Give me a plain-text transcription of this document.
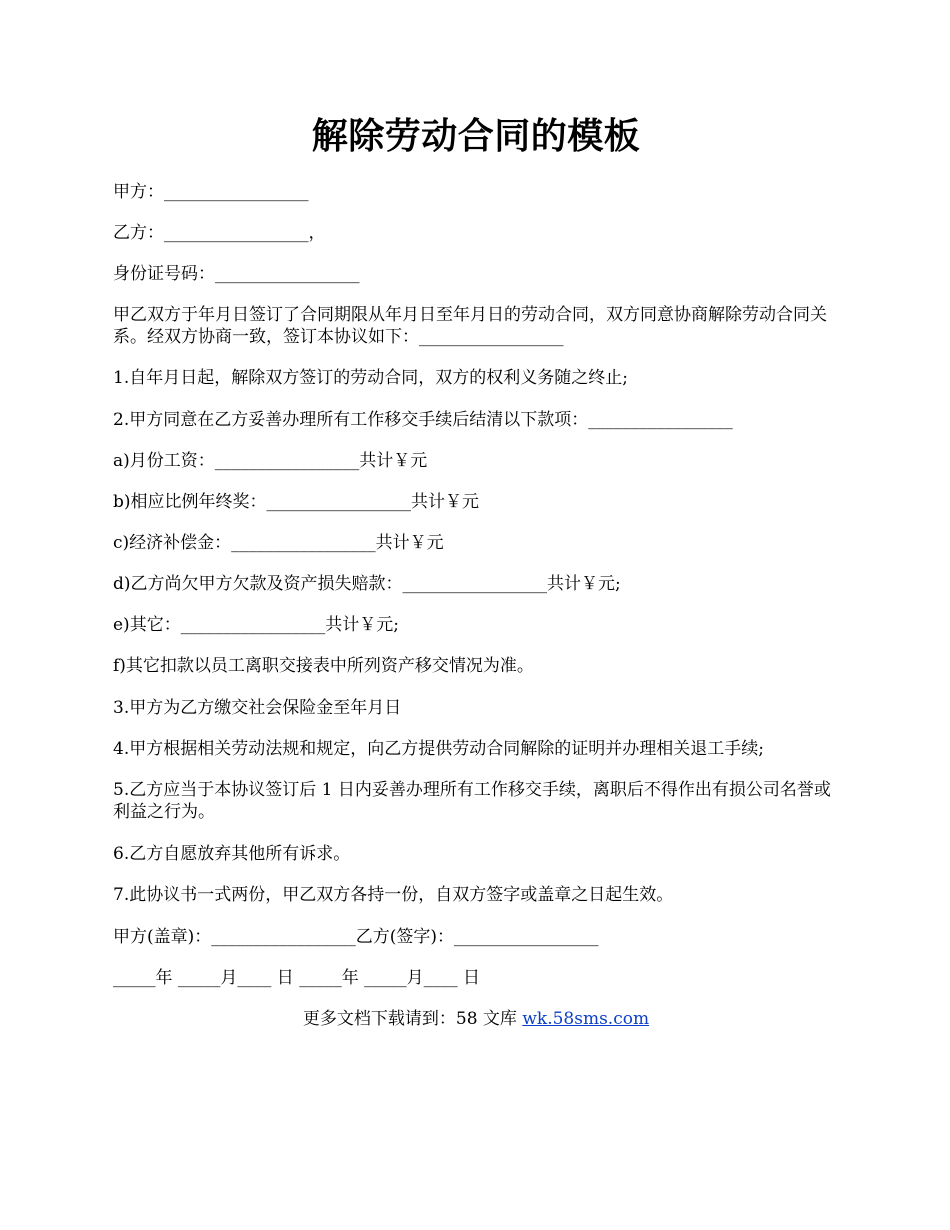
解除劳动合同的模板
甲方：_________________
乙方：_________________，
身份证号码：_________________
甲乙双方于年月日签订了合同期限从年月日至年月日的劳动合同，双方同意协商解除劳动合同关系。经双方协商一致，签订本协议如下：_________________
1.自年月日起，解除双方签订的劳动合同，双方的权利义务随之终止;
2.甲方同意在乙方妥善办理所有工作移交手续后结清以下款项：_________________
a)月份工资：_________________共计￥元
b)相应比例年终奖：_________________共计￥元
c)经济补偿金：_________________共计￥元
d)乙方尚欠甲方欠款及资产损失赔款：_________________共计￥元;
e)其它：_________________共计￥元;
f)其它扣款以员工离职交接表中所列资产移交情况为准。
3.甲方为乙方缴交社会保险金至年月日
4.甲方根据相关劳动法规和规定，向乙方提供劳动合同解除的证明并办理相关退工手续;
5.乙方应当于本协议签订后 1 日内妥善办理所有工作移交手续，离职后不得作出有损公司名誉或利益之行为。
6.乙方自愿放弃其他所有诉求。
7.此协议书一式两份，甲乙双方各持一份，自双方签字或盖章之日起生效。
甲方(盖章)：_________________乙方(签字)：_________________
_____年 _____月____ 日 _____年 _____月____ 日
更多文档下载请到：58 文库 wk.58sms.com
